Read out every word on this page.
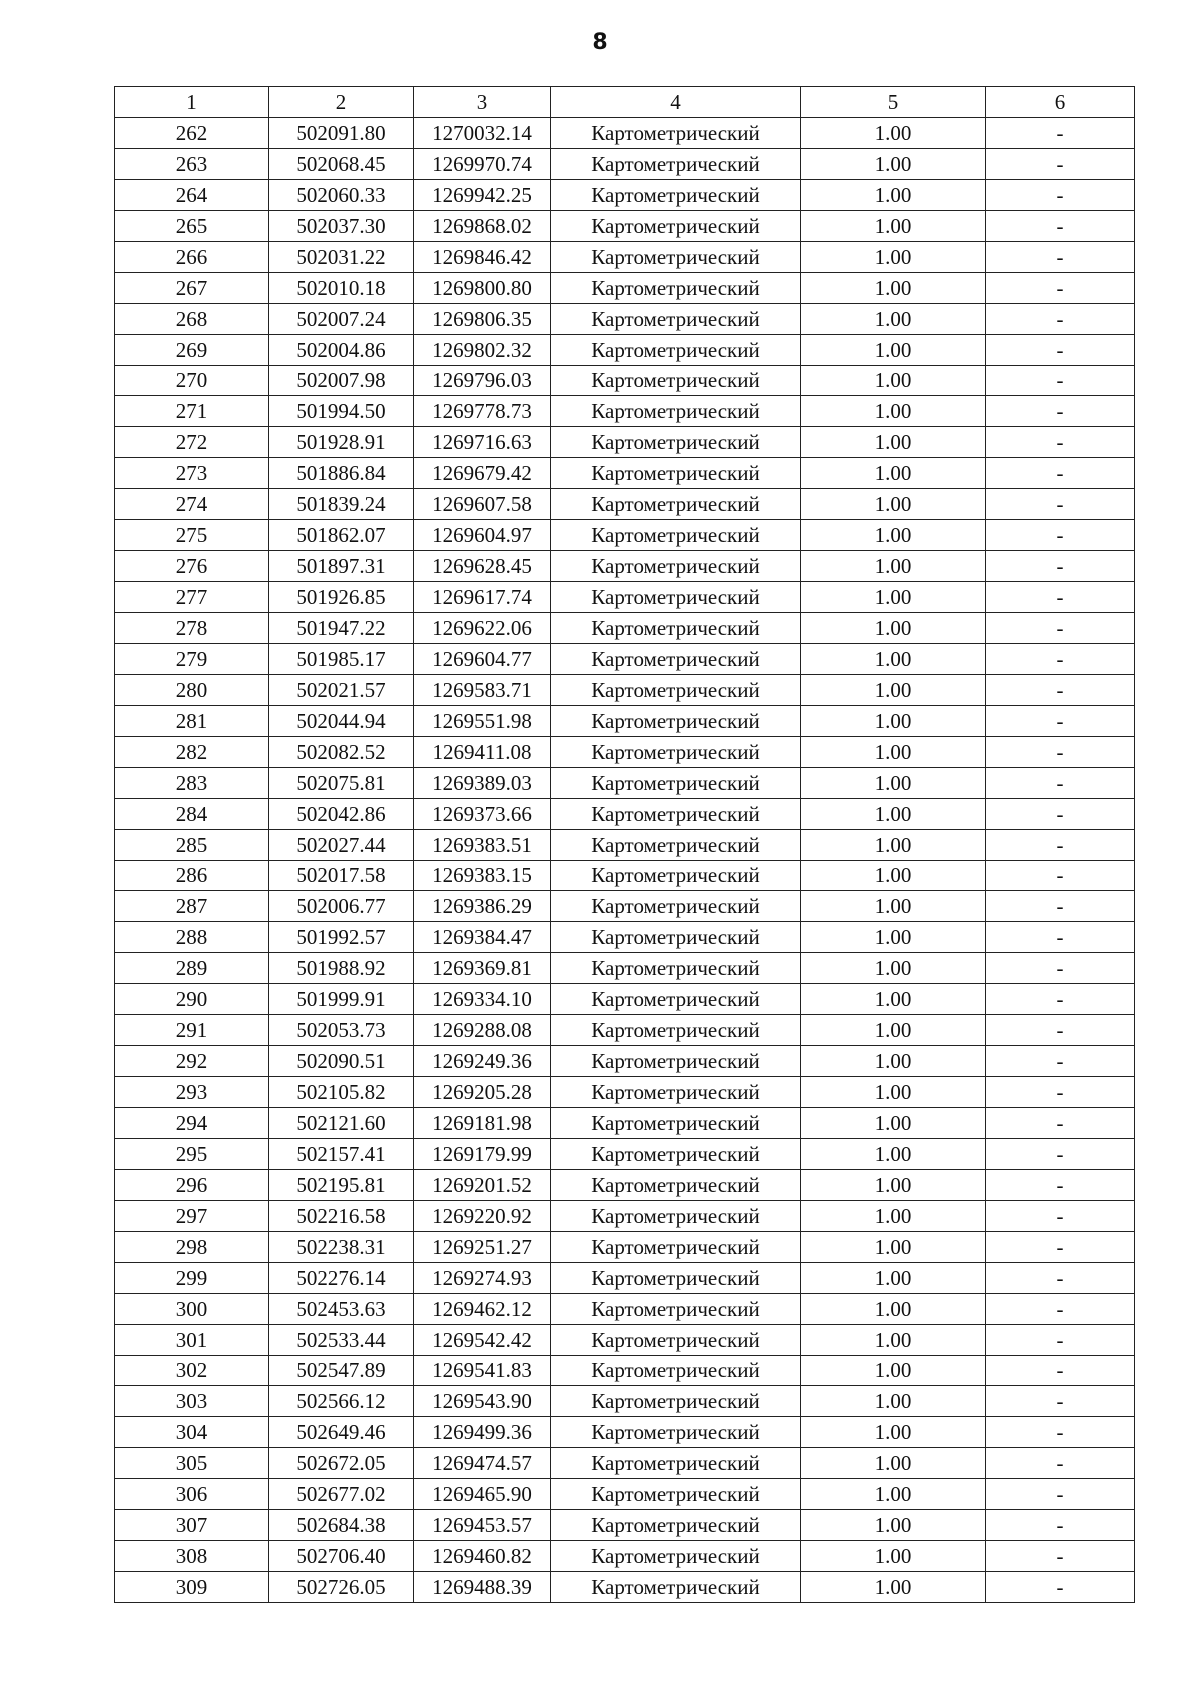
8
1	2	3	4	5	6
262	502091.80	1270032.14	Картометрический	1.00	-
263	502068.45	1269970.74	Картометрический	1.00	-
264	502060.33	1269942.25	Картометрический	1.00	-
265	502037.30	1269868.02	Картометрический	1.00	-
266	502031.22	1269846.42	Картометрический	1.00	-
267	502010.18	1269800.80	Картометрический	1.00	-
268	502007.24	1269806.35	Картометрический	1.00	-
269	502004.86	1269802.32	Картометрический	1.00	-
270	502007.98	1269796.03	Картометрический	1.00	-
271	501994.50	1269778.73	Картометрический	1.00	-
272	501928.91	1269716.63	Картометрический	1.00	-
273	501886.84	1269679.42	Картометрический	1.00	-
274	501839.24	1269607.58	Картометрический	1.00	-
275	501862.07	1269604.97	Картометрический	1.00	-
276	501897.31	1269628.45	Картометрический	1.00	-
277	501926.85	1269617.74	Картометрический	1.00	-
278	501947.22	1269622.06	Картометрический	1.00	-
279	501985.17	1269604.77	Картометрический	1.00	-
280	502021.57	1269583.71	Картометрический	1.00	-
281	502044.94	1269551.98	Картометрический	1.00	-
282	502082.52	1269411.08	Картометрический	1.00	-
283	502075.81	1269389.03	Картометрический	1.00	-
284	502042.86	1269373.66	Картометрический	1.00	-
285	502027.44	1269383.51	Картометрический	1.00	-
286	502017.58	1269383.15	Картометрический	1.00	-
287	502006.77	1269386.29	Картометрический	1.00	-
288	501992.57	1269384.47	Картометрический	1.00	-
289	501988.92	1269369.81	Картометрический	1.00	-
290	501999.91	1269334.10	Картометрический	1.00	-
291	502053.73	1269288.08	Картометрический	1.00	-
292	502090.51	1269249.36	Картометрический	1.00	-
293	502105.82	1269205.28	Картометрический	1.00	-
294	502121.60	1269181.98	Картометрический	1.00	-
295	502157.41	1269179.99	Картометрический	1.00	-
296	502195.81	1269201.52	Картометрический	1.00	-
297	502216.58	1269220.92	Картометрический	1.00	-
298	502238.31	1269251.27	Картометрический	1.00	-
299	502276.14	1269274.93	Картометрический	1.00	-
300	502453.63	1269462.12	Картометрический	1.00	-
301	502533.44	1269542.42	Картометрический	1.00	-
302	502547.89	1269541.83	Картометрический	1.00	-
303	502566.12	1269543.90	Картометрический	1.00	-
304	502649.46	1269499.36	Картометрический	1.00	-
305	502672.05	1269474.57	Картометрический	1.00	-
306	502677.02	1269465.90	Картометрический	1.00	-
307	502684.38	1269453.57	Картометрический	1.00	-
308	502706.40	1269460.82	Картометрический	1.00	-
309	502726.05	1269488.39	Картометрический	1.00	-
